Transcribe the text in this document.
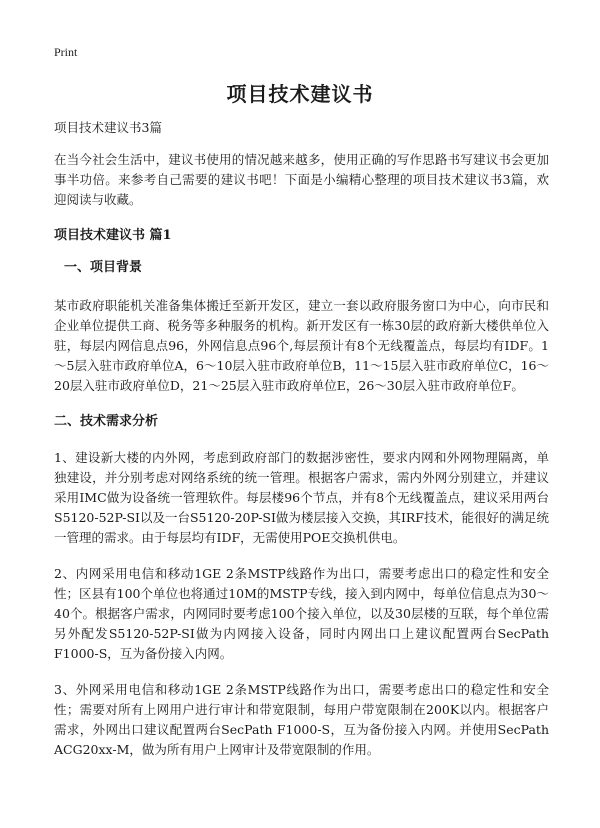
Print
项目技术建议书

项目技术建议书3篇

在当今社会生活中，建议书使用的情况越来越多，使用正确的写作思路书写建议书会更加事半功倍。来参考自己需要的建议书吧！下面是小编精心整理的项目技术建议书3篇，欢迎阅读与收藏。

项目技术建议书 篇1

一、项目背景

某市政府职能机关准备集体搬迁至新开发区，建立一套以政府服务窗口为中心，向市民和企业单位提供工商、税务等多种服务的机构。新开发区有一栋30层的政府新大楼供单位入驻，每层内网信息点96，外网信息点96个,每层预计有8个无线覆盖点，每层均有IDF。1～5层入驻市政府单位A，6～10层入驻市政府单位B，11～15层入驻市政府单位C，16～20层入驻市政府单位D，21～25层入驻市政府单位E，26～30层入驻市政府单位F。

二、技术需求分析

1、建设新大楼的内外网，考虑到政府部门的数据涉密性，要求内网和外网物理隔离，单独建设，并分别考虑对网络系统的统一管理。根据客户需求，需内外网分别建立，并建议采用IMC做为设备统一管理软件。每层楼96个节点，并有8个无线覆盖点，建议采用两台 S5120-52P-SI以及一台S5120-20P-SI做为楼层接入交换，其IRF技术，能很好的满足统一管理的需求。由于每层均有IDF，无需使用POE交换机供电。

2、内网采用电信和移动1GE 2条MSTP线路作为出口，需要考虑出口的稳定性和安全性；区县有100个单位也将通过10M的MSTP专线，接入到内网中，每单位信息点为30～40个。根据客户需求，内网同时要考虑100个接入单位，以及30层楼的互联，每个单位需另外配发S5120-52P-SI做为内网接入设备，同时内网出口上建议配置两台SecPath F1000-S，互为备份接入内网。

3、外网采用电信和移动1GE 2条MSTP线路作为出口，需要考虑出口的稳定性和安全性；需要对所有上网用户进行审计和带宽限制，每用户带宽限制在200K以内。根据客户需求，外网出口建议配置两台SecPath F1000-S，互为备份接入内网。并使用SecPath ACG20xx-M，做为所有用户上网审计及带宽限制的作用。
